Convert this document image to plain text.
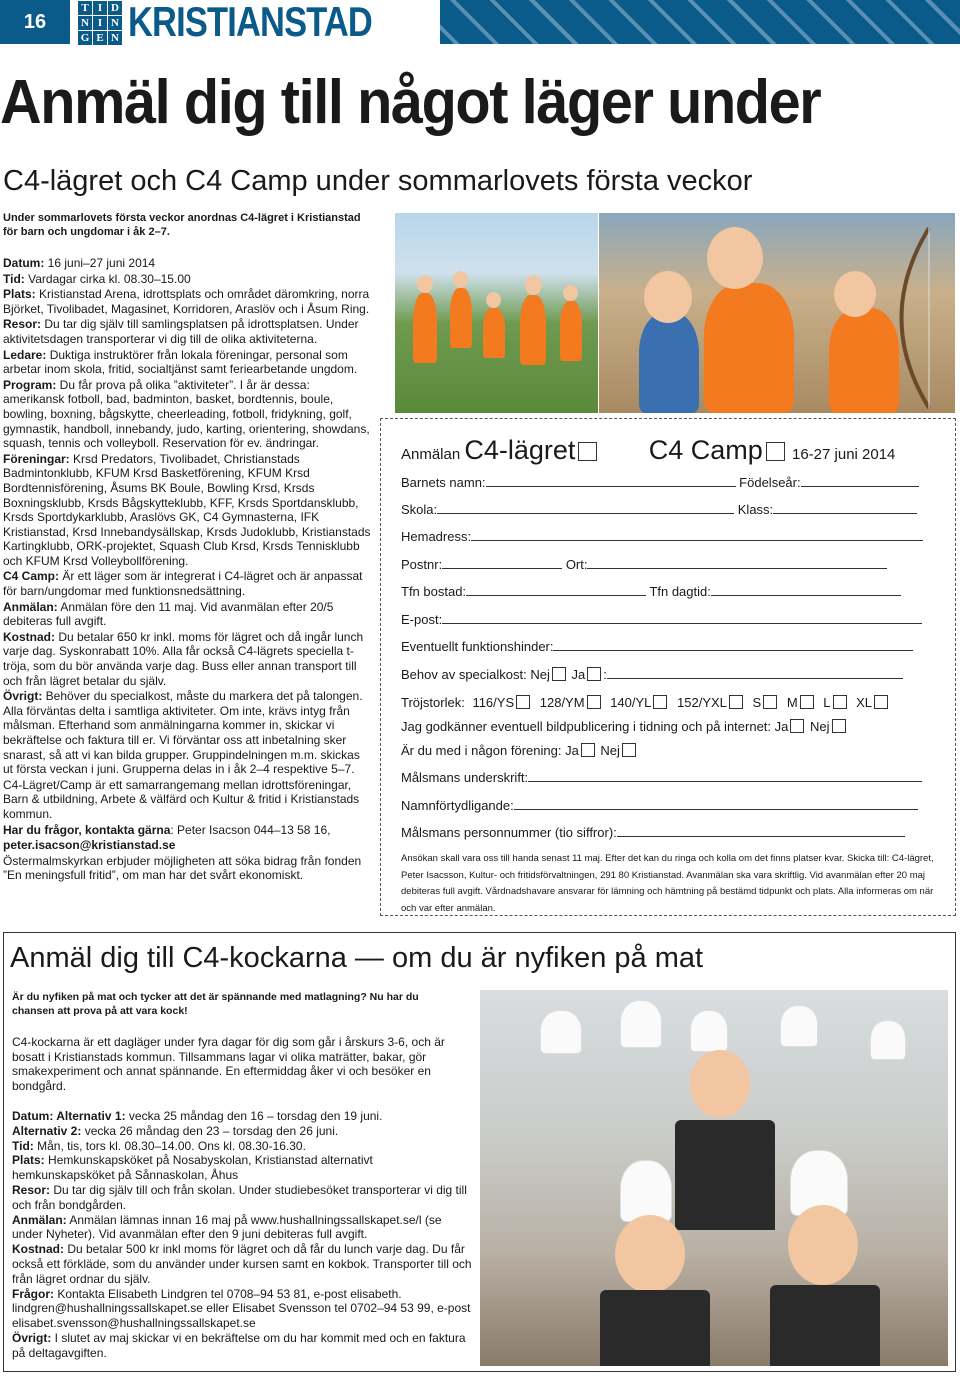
16
T I D
N I N
G E N KRISTIANSTAD
Anmäl dig till något läger under
C4-lägret och C4 Camp under sommarlovets första veckor
Under sommarlovets första veckor anordnas C4-lägret i Kristianstad för barn och ungdomar i åk 2–7.

Datum: 16 juni–27 juni 2014

Tid: Vardagar cirka kl. 08.30–15.00

Plats: Kristianstad Arena, idrottsplats och området däromkring, norra Björket, Tivolibadet, Magasinet, Korridoren, Araslöv och i Åsum Ring.

Resor: Du tar dig själv till samlingsplatsen på idrottsplatsen. Under aktivitetsdagen transporterar vi dig till de olika aktiviteterna.

Ledare: Duktiga instruktörer från lokala föreningar, personal som arbetar inom skola, fritid, socialtjänst samt feriearbetande ungdom.

Program: Du får prova på olika ”aktiviteter”. I år är dessa: amerikansk fotboll, bad, badminton, basket, bordtennis, boule, bowling, boxning, bågskytte, cheerleading, fotboll, fridykning, golf, gymnastik, handboll, innebandy, judo, karting, orientering, showdans, squash, tennis och volleyboll. Reservation för ev. ändringar.

Föreningar: Krsd Predators, Tivolibadet, Christianstads Badmintonklubb, KFUM Krsd Basketförening, KFUM Krsd Bordtennisförening, Åsums BK Boule, Bowling Krsd, Krsds Boxningsklubb, Krsds Bågskytteklubb, KFF, Krsds Sportdansklubb, Krsds Sportdykarklubb, Araslövs GK, C4 Gymnasterna, IFK Kristianstad, Krsd Innebandysällskap, Krsds Judoklubb, Kristianstads Kartingklubb, ORK-projektet, Squash Club Krsd, Krsds Tennisklubb och KFUM Krsd Volleybollförening.

C4 Camp: Är ett läger som är integrerat i C4-lägret och är anpassat för barn/ungdomar med funktionsnedsättning.

Anmälan: Anmälan före den 11 maj. Vid avanmälan efter 20/5 debiteras full avgift.

Kostnad: Du betalar 650 kr inkl. moms för lägret och då ingår lunch varje dag. Syskonrabatt 10%. Alla får också C4-lägrets speciella t-tröja, som du bör använda varje dag. Buss eller annan transport till och från lägret betalar du själv.

Övrigt: Behöver du specialkost, måste du markera det på talongen. Alla förväntas delta i samtliga aktiviteter. Om inte, krävs intyg från målsman. Efterhand som anmälningarna kommer in, skickar vi bekräftelse och faktura till er. Vi förväntar oss att inbetalning sker snarast, så att vi kan bilda grupper. Gruppindelningen m.m. skickas ut första veckan i juni. Grupperna delas in i åk 2–4 respektive 5–7.

C4-Lägret/Camp är ett samarrangemang mellan idrottsföreningar, Barn & utbildning, Arbete & välfärd och Kultur & fritid i Kristianstads kommun.

Har du frågor, kontakta gärna: Peter Isacson 044–13 58 16,

peter.isacson@kristianstad.se

Östermalmskyrkan erbjuder möjligheten att söka bidrag från fonden ”En meningsfull fritid”, om man har det svårt ekonomiskt.

Anmälan C4-lägret	C4 Camp 16-27 juni 2014
Barnets namn:	Födelseår:
Skola:	Klass:
Hemadress:
Postnr:	Ort:
Tfn bostad:	Tfn dagtid:
E-post:
Eventuellt funktionshinder:
Behov av specialkost: Nej Ja :
Tröjstorlek: 116/YS 128/YM 140/YL 152/YXL S M L XL
Jag godkänner eventuell bildpublicering i tidning och på internet: Ja Nej
Är du med i någon förening: Ja Nej
Målsmans underskrift:
Namnförtydligande:
Målsmans personnummer (tio siffror):
Ansökan skall vara oss till handa senast 11 maj. Efter det kan du ringa och kolla om det finns platser kvar. Skicka till: C4-lägret, Peter Isacsson, Kultur- och fritidsförvaltningen, 291 80 Kristianstad. Avanmälan ska vara skriftlig. Vid avanmälan efter 20 maj debiteras full avgift. Vårdnadshavare ansvarar för lämning och hämtning på bestämd tidpunkt och plats. Alla informeras om när och var efter anmälan.
Anmäl dig till C4-kockarna — om du är nyfiken på mat
Är du nyfiken på mat och tycker att det är spännande med matlagning? Nu har du chansen att prova på att vara kock!
C4-kockarna är ett dagläger under fyra dagar för dig som går i årskurs 3-6, och är bosatt i Kristianstads kommun. Tillsammans lagar vi olika maträtter, bakar, gör smakexperiment och annat spännande. En eftermiddag åker vi och besöker en bondgård.

Datum: Alternativ 1: vecka 25 måndag den 16 – torsdag den 19 juni.

Alternativ 2: vecka 26 måndag den 23 – torsdag den 26 juni.

Tid: Mån, tis, tors kl. 08.30–14.00. Ons kl. 08.30-16.30.

Plats: Hemkunskapsköket på Nosabyskolan, Kristianstad alternativt hemkunskapsköket på Sånnaskolan, Åhus

Resor: Du tar dig själv till och från skolan. Under studiebesöket transporterar vi dig till och från bondgården.

Anmälan: Anmälan lämnas innan 16 maj på www.hushallningssallskapet.se/l (se under Nyheter). Vid avanmälan efter den 9 juni debiteras full avgift.

Kostnad: Du betalar 500 kr inkl moms för lägret och då får du lunch varje dag. Du får också ett förkläde, som du använder under kursen samt en kokbok. Transporter till och från lägret ordnar du själv.

Frågor: Kontakta Elisabeth Lindgren tel 0708–94 53 81, e-post elisabeth. lindgren@hushallningssallskapet.se eller Elisabet Svensson tel 0702–94 53 99, e-post elisabet.svensson@hushallningssallskapet.se

Övrigt: I slutet av maj skickar vi en bekräftelse om du har kommit med och en faktura på deltagavgiften.
